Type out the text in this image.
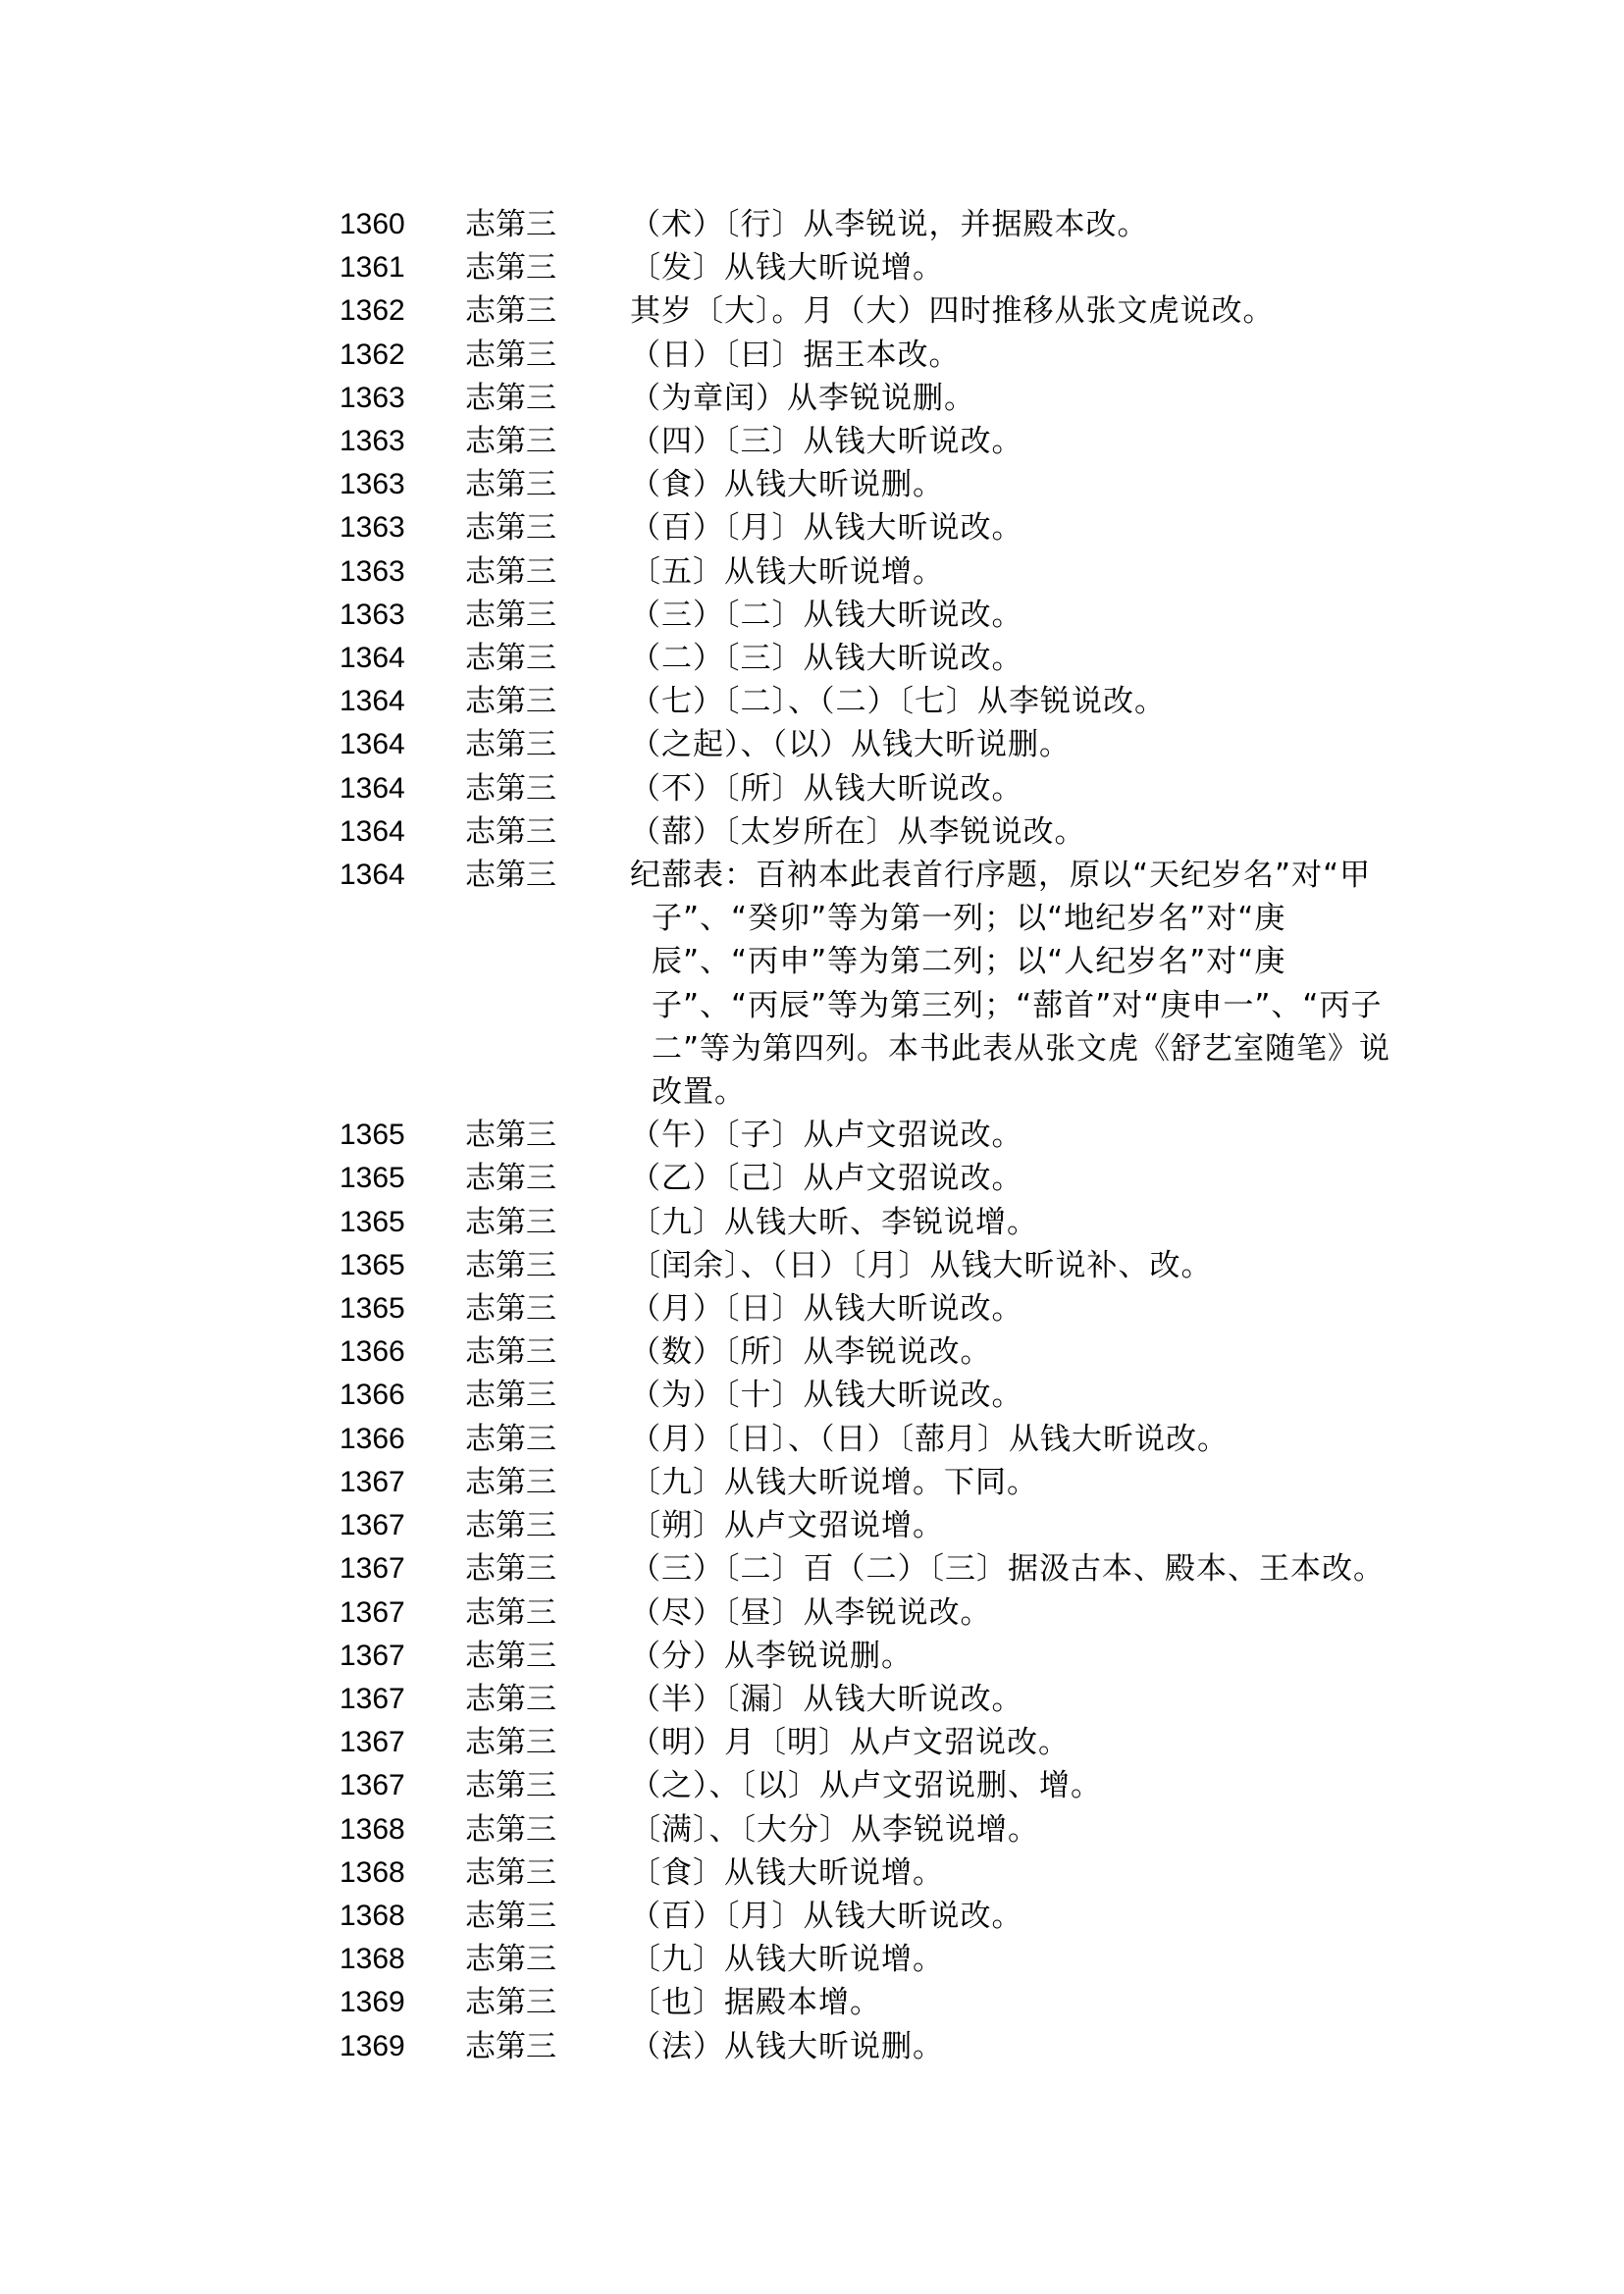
1360	志第三	（术）〔行〕从李锐说，并据殿本改。
1361	志第三	〔发〕从钱大昕说增。
1362	志第三	其岁〔大〕。月（大）四时推移从张文虎说改。
1362	志第三	（日）〔曰〕据王本改。
1363	志第三	（为章闰）从李锐说删。
1363	志第三	（四）〔三〕从钱大昕说改。
1363	志第三	（食）从钱大昕说删。
1363	志第三	（百）〔月〕从钱大昕说改。
1363	志第三	〔五〕从钱大昕说增。
1363	志第三	（三）〔二〕从钱大昕说改。
1364	志第三	（二）〔三〕从钱大昕说改。
1364	志第三	（七）〔二〕、（二）〔七〕从李锐说改。
1364	志第三	（之起）、（以）从钱大昕说删。
1364	志第三	（不）〔所〕从钱大昕说改。
1364	志第三	（蔀）〔太岁所在〕从李锐说改。
1364	志第三	纪蔀表：百衲本此表首行序题，原以“天纪岁名”对“甲子”、“癸卯”等为第一列；以“地纪岁名”对“庚辰”、“丙申”等为第二列；以“人纪岁名”对“庚子”、“丙辰”等为第三列；“蔀首”对“庚申一”、“丙子二”等为第四列。本书此表从张文虎《舒艺室随笔》说改置。
1365	志第三	（午）〔子〕从卢文弨说改。
1365	志第三	（乙）〔己〕从卢文弨说改。
1365	志第三	〔九〕从钱大昕、李锐说增。
1365	志第三	〔闰余〕、（日）〔月〕从钱大昕说补、改。
1365	志第三	（月）〔日〕从钱大昕说改。
1366	志第三	（数）〔所〕从李锐说改。
1366	志第三	（为）〔十〕从钱大昕说改。
1366	志第三	（月）〔日〕、（日）〔蔀月〕从钱大昕说改。
1367	志第三	〔九〕从钱大昕说增。下同。
1367	志第三	〔朔〕从卢文弨说增。
1367	志第三	（三）〔二〕百（二）〔三〕据汲古本、殿本、王本改。
1367	志第三	（尽）〔昼〕从李锐说改。
1367	志第三	（分）从李锐说删。
1367	志第三	（半）〔漏〕从钱大昕说改。
1367	志第三	（明）月〔明〕从卢文弨说改。
1367	志第三	（之）、〔以〕从卢文弨说删、增。
1368	志第三	〔满〕、〔大分〕从李锐说增。
1368	志第三	〔食〕从钱大昕说增。
1368	志第三	（百）〔月〕从钱大昕说改。
1368	志第三	〔九〕从钱大昕说增。
1369	志第三	〔也〕据殿本增。
1369	志第三	（法）从钱大昕说删。
